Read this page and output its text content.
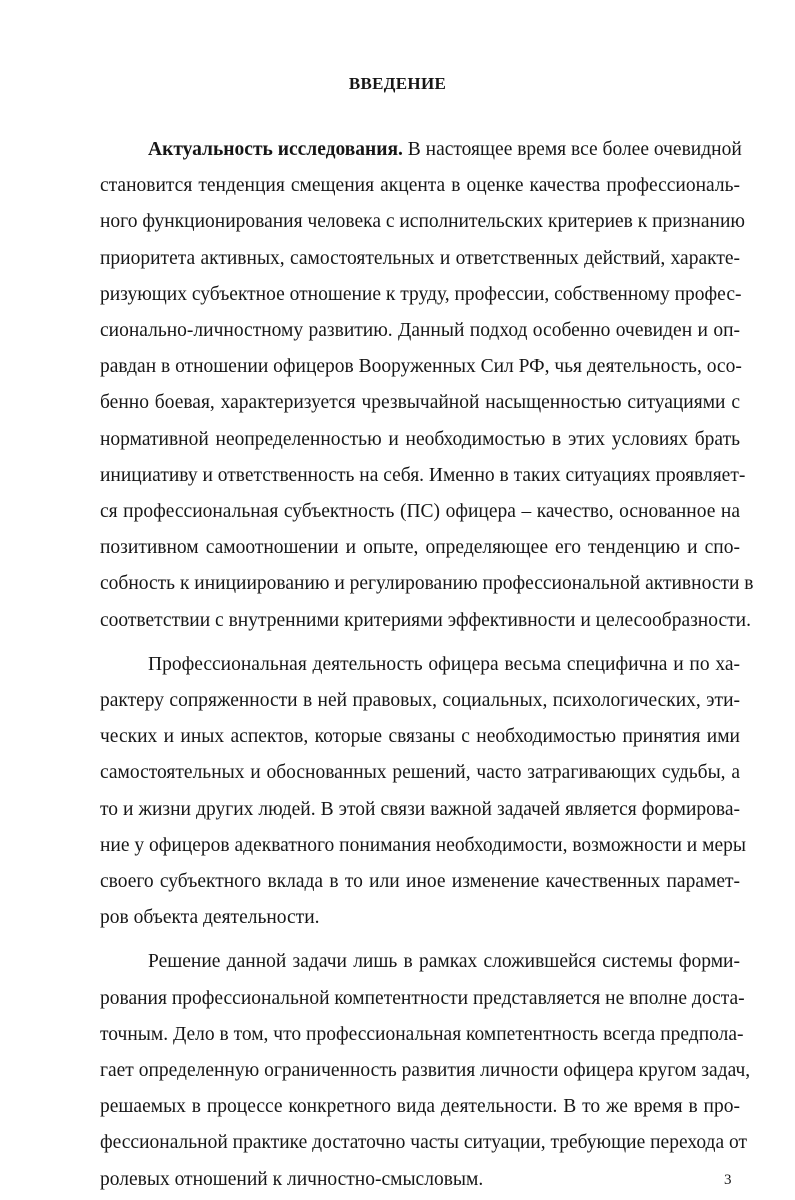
ВВЕДЕНИЕ
Актуальность исследования. В настоящее время все более очевидной
становится тенденция смещения акцента в оценке качества профессиональ-
ного функционирования человека с исполнительских критериев к признанию
приоритета активных, самостоятельных и ответственных действий, характе-
ризующих субъектное отношение к труду, профессии, собственному профес-
сионально-личностному развитию. Данный подход особенно очевиден и оп-
равдан в отношении офицеров Вооруженных Сил РФ, чья деятельность, осо-
бенно боевая, характеризуется чрезвычайной насыщенностью ситуациями с
нормативной неопределенностью и необходимостью в этих условиях брать
инициативу и ответственность на себя. Именно в таких ситуациях проявляет-
ся профессиональная субъектность (ПС) офицера – качество, основанное на
позитивном самоотношении и опыте, определяющее его тенденцию и спо-
собность к инициированию и регулированию профессиональной активности в
соответствии с внутренними критериями эффективности и целесообразности.
Профессиональная деятельность офицера весьма специфична и по ха-
рактеру сопряженности в ней правовых, социальных, психологических, эти-
ческих и иных аспектов, которые связаны с необходимостью принятия ими
самостоятельных и обоснованных решений, часто затрагивающих судьбы, а
то и жизни других людей. В этой связи важной задачей является формирова-
ние у офицеров адекватного понимания необходимости, возможности и меры
своего субъектного вклада в то или иное изменение качественных парамет-
ров объекта деятельности.
Решение данной задачи лишь в рамках сложившейся системы форми-
рования профессиональной компетентности представляется не вполне доста-
точным. Дело в том, что профессиональная компетентность всегда предпола-
гает определенную ограниченность развития личности офицера кругом задач,
решаемых в процессе конкретного вида деятельности. В то же время в про-
фессиональной практике достаточно часты ситуации, требующие перехода от
ролевых отношений к личностно-смысловым.	3
